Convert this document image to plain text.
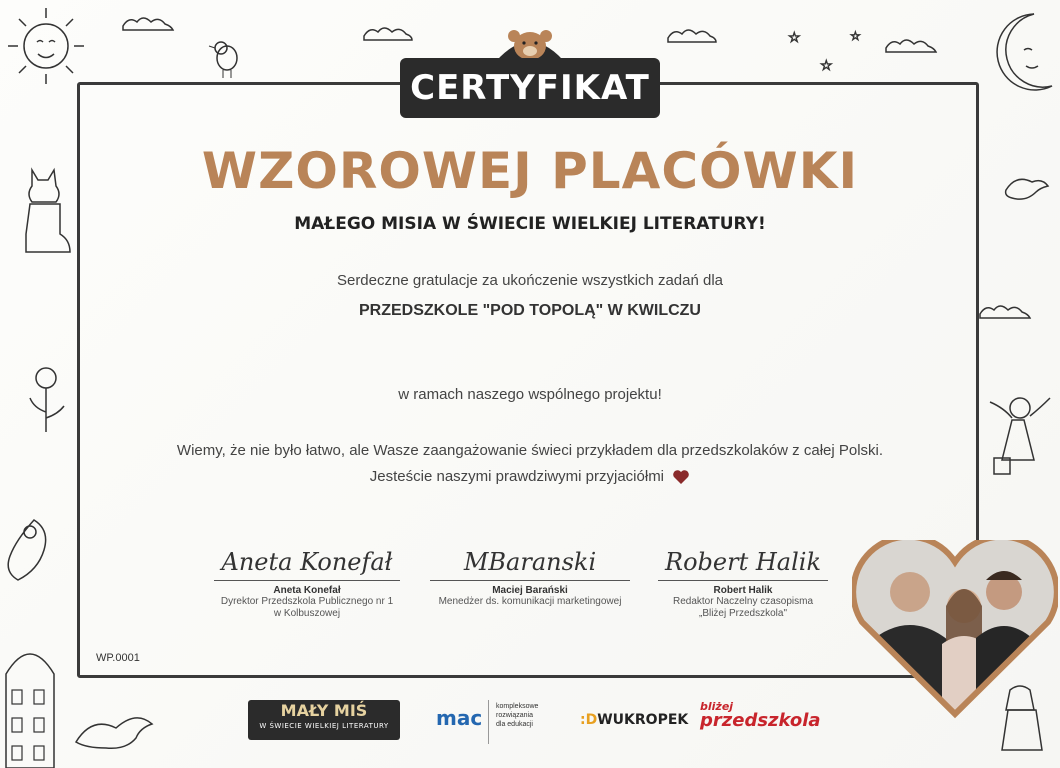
☆
☆
☆
CERTYFIKAT
WZOROWEJ PLACÓWKI
MAŁEGO MISIA W ŚWIECIE WIELKIEJ LITERATURY!
Serdeczne gratulacje za ukończenie wszystkich zadań dla
PRZEDSZKOLE "POD TOPOLĄ" W KWILCZU
w ramach naszego wspólnego projektu!
Wiemy, że nie było łatwo, ale Wasze zaangażowanie świeci przykładem dla przedszkolaków z całej Polski.
Jesteście naszymi prawdziwymi przyjaciółmi
Aneta Konefał
Aneta Konefał
Dyrektor Przedszkola Publicznego nr 1
w Kolbuszowej
MBaranski
Maciej Barański
Menedżer ds. komunikacji marketingowej
Robert Halik
Robert Halik
Redaktor Naczelny czasopisma
„Bliżej Przedszkola"
WP.0001
MAŁY MIŚ
W ŚWIECIE WIELKIEJ LITERATURY	mac kompleksowe
rozwiązania
dla edukacji	:DWUKROPEK
bliżej
przedszkola
